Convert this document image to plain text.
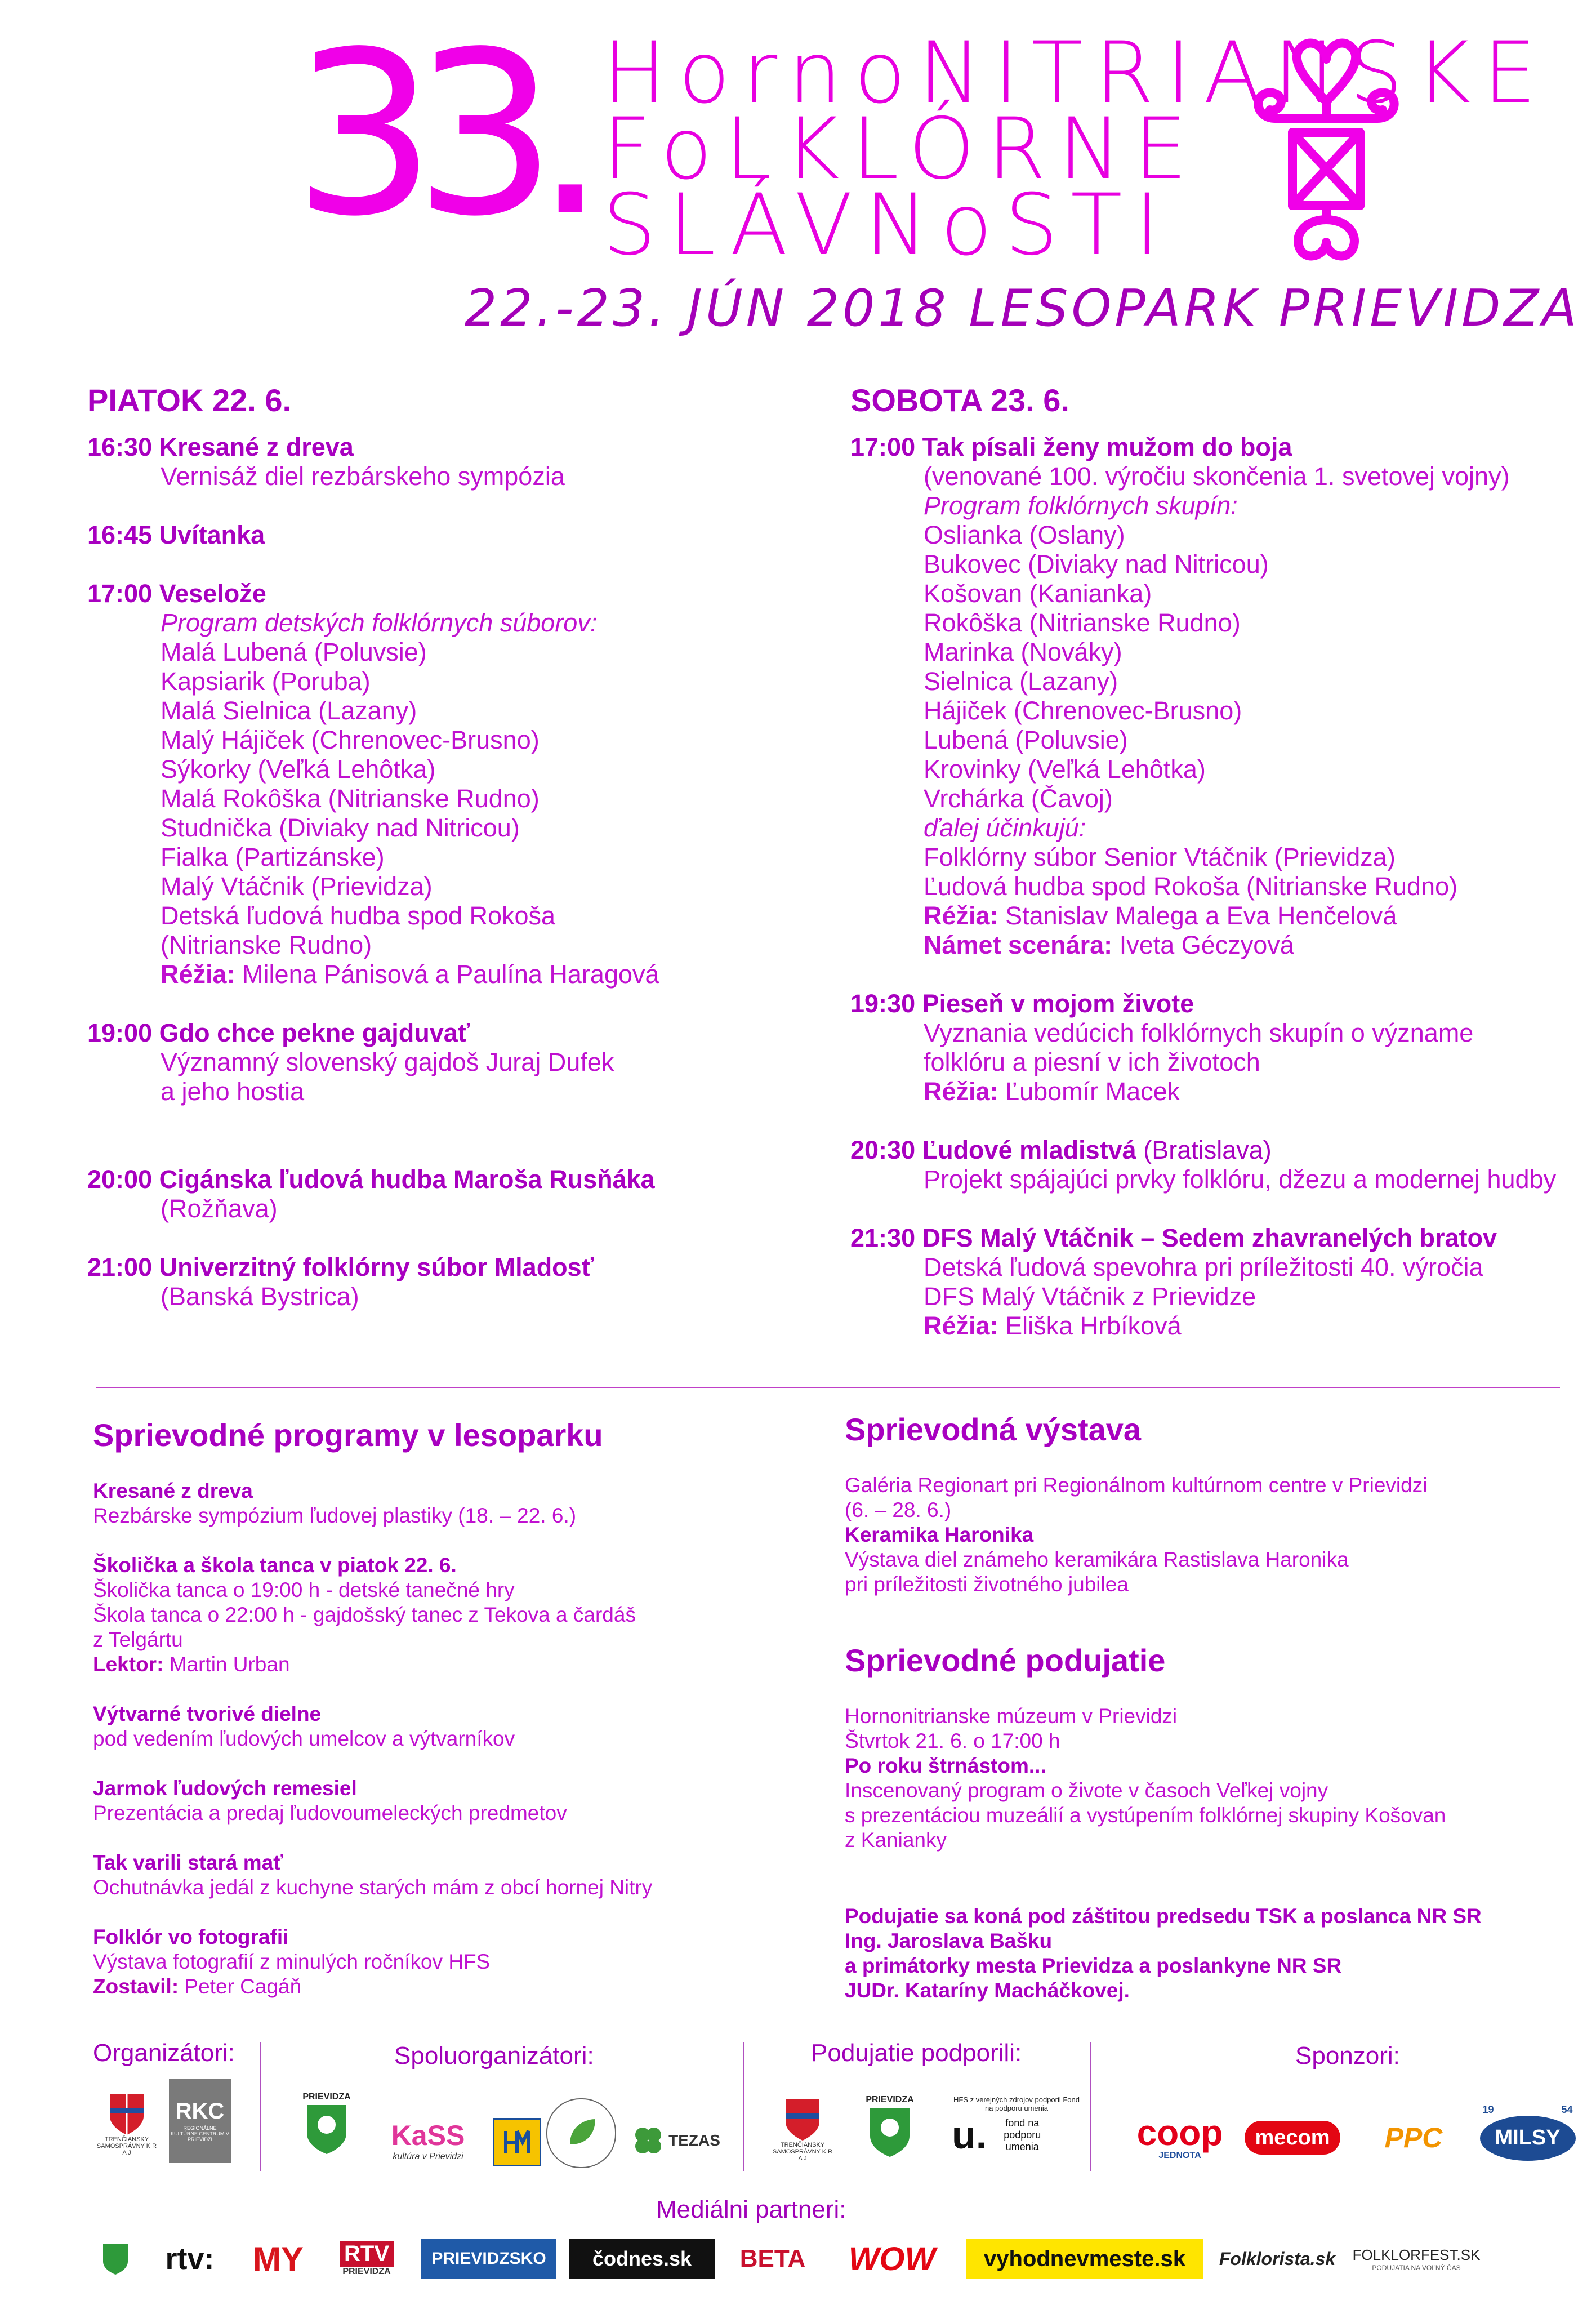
33. HornoNITRIANSKE
FoLKLÓRNE
SLÁVNoSTI
22.-23. JÚN 2018 LESOPARK PRIEVIDZA
PIATOK 22. 6.
16:30 Kresané z dreva
Vernisáž diel rezbárskeho sympózia
16:45 Uvítanka
17:00 Veselože
Program detských folklórnych súborov:
Malá Lubená (Poluvsie)
Kapsiarik (Poruba)
Malá Sielnica (Lazany)
Malý Hájiček (Chrenovec-Brusno)
Sýkorky (Veľká Lehôtka)
Malá Rokôška (Nitrianske Rudno)
Studnička (Diviaky nad Nitricou)
Fialka (Partizánske)
Malý Vtáčnik (Prievidza)
Detská ľudová hudba spod Rokoša
(Nitrianske Rudno)
Réžia: Milena Pánisová a Paulína Haragová
19:00 Gdo chce pekne gajduvať
Významný slovenský gajdoš Juraj Dufek
a jeho hostia
20:00 Cigánska ľudová hudba Maroša Rusňáka
(Rožňava)
21:00 Univerzitný folklórny súbor Mladosť
(Banská Bystrica)
SOBOTA 23. 6.
17:00 Tak písali ženy mužom do boja
(venované 100. výročiu skončenia 1. svetovej vojny)
Program folklórnych skupín:
Oslianka (Oslany)
Bukovec (Diviaky nad Nitricou)
Košovan (Kanianka)
Rokôška (Nitrianske Rudno)
Marinka (Nováky)
Sielnica (Lazany)
Hájiček (Chrenovec-Brusno)
Lubená (Poluvsie)
Krovinky (Veľká Lehôtka)
Vrchárka (Čavoj)
ďalej účinkujú:
Folklórny súbor Senior Vtáčnik (Prievidza)
Ľudová hudba spod Rokoša (Nitrianske Rudno)
Réžia: Stanislav Malega a Eva Henčelová
Námet scenára: Iveta Géczyová
19:30 Pieseň v mojom živote
Vyznania vedúcich folklórnych skupín o význame
folklóru a piesní v ich životoch
Réžia: Ľubomír Macek
20:30 Ľudové mladistvá (Bratislava)
Projekt spájajúci prvky folklóru, džezu a modernej hudby
21:30 DFS Malý Vtáčnik – Sedem zhavranelých bratov
Detská ľudová spevohra pri príležitosti 40. výročia
DFS Malý Vtáčnik z Prievidze
Réžia: Eliška Hrbíková
Sprievodné programy v lesoparku
Kresané z dreva
Rezbárske sympózium ľudovej plastiky (18. – 22. 6.)
Školička a škola tanca v piatok 22. 6.
Školička tanca o 19:00 h - detské tanečné hry
Škola tanca o 22:00 h - gajdošský tanec z Tekova a čardáš
z Telgártu
Lektor: Martin Urban
Výtvarné tvorivé dielne
pod vedením ľudových umelcov a výtvarníkov
Jarmok ľudových remesiel
Prezentácia a predaj ľudovoumeleckých predmetov
Tak varili stará mať
Ochutnávka jedál z kuchyne starých mám z obcí hornej Nitry
Folklór vo fotografii
Výstava fotografií z minulých ročníkov HFS
Zostavil: Peter Cagáň
Sprievodná výstava
Galéria Regionart pri Regionálnom kultúrnom centre v Prievidzi
(6. – 28. 6.)
Keramika Haronika
Výstava diel známeho keramikára Rastislava Haronika
pri príležitosti životného jubilea
Sprievodné podujatie
Hornonitrianske múzeum v Prievidzi
Štvrtok 21. 6. o 17:00 h
Po roku štrnástom...
Inscenovaný program o živote v časoch Veľkej vojny
s prezentáciou muzeálií a vystúpením folklórnej skupiny Košovan
z Kanianky
Podujatie sa koná pod záštitou predsedu TSK a poslanca NR SR
Ing. Jaroslava Bašku
a primátorky mesta Prievidza a poslankyne NR SR
JUDr. Kataríny Macháčkovej.
Organizátori:	Spoluorganizátori:	Podujatie podporili:	Sponzori:
TRENČIANSKY SAMOSPRÁVNY K R A J
RKC
REGIONÁLNE KULTÚRNE CENTRUM V PRIEVIDZI
PRIEVIDZA
KaSS
kultúra v Prievidzi
TEZAS	TRENČIANSKY SAMOSPRÁVNY K R A J
PRIEVIDZA	HFS z verejných zdrojov podporil Fond na podporu umenia
u.	fond na podporu umenia	coop
JEDNOTA
mecom PPC
19	54
MILSY
Mediálni partneri:
rtv:	MY	RTV
PRIEVIDZA
PRIEVIDZSKO	čodnes.sk	BETA	WOW	vyhodnevmeste.sk	Folklorista.sk FOLKLORFEST.SK
PODUJATIA NA VOĽNÝ ČAS
